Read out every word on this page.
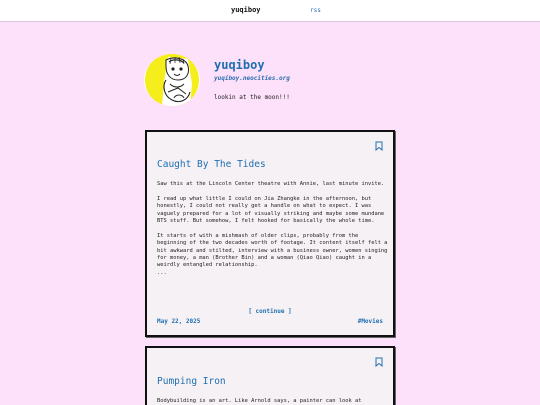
yuqiboy	rss
yuqiboy
yuqiboy.neocities.org
lookin at the moon!!!
Caught By The Tides

Saw this at the Lincoln Center theatre with Annie, last minute invite.

I read up what little I could on Jia Zhangke in the afternoon, but honestly, I could not really get a handle on what to expect. I was vaguely prepared for a lot of visually striking and maybe some mundane BTS stuff. But somehow, I felt hooked for basically the whole time.

It starts of with a mishmash of older clips, probably from the beginning of the two decades worth of footage. It content itself felt a bit awkward and stilted, interview with a business owner, women singing for money, a man (Brother Bin) and a woman (Qiao Qiao) caught in a weirdly entangled relationship.

...

[ continue ]
May 22, 2025	#Movies
Pumping Iron

Bodybuilding is an art. Like Arnold says, a painter can look at
